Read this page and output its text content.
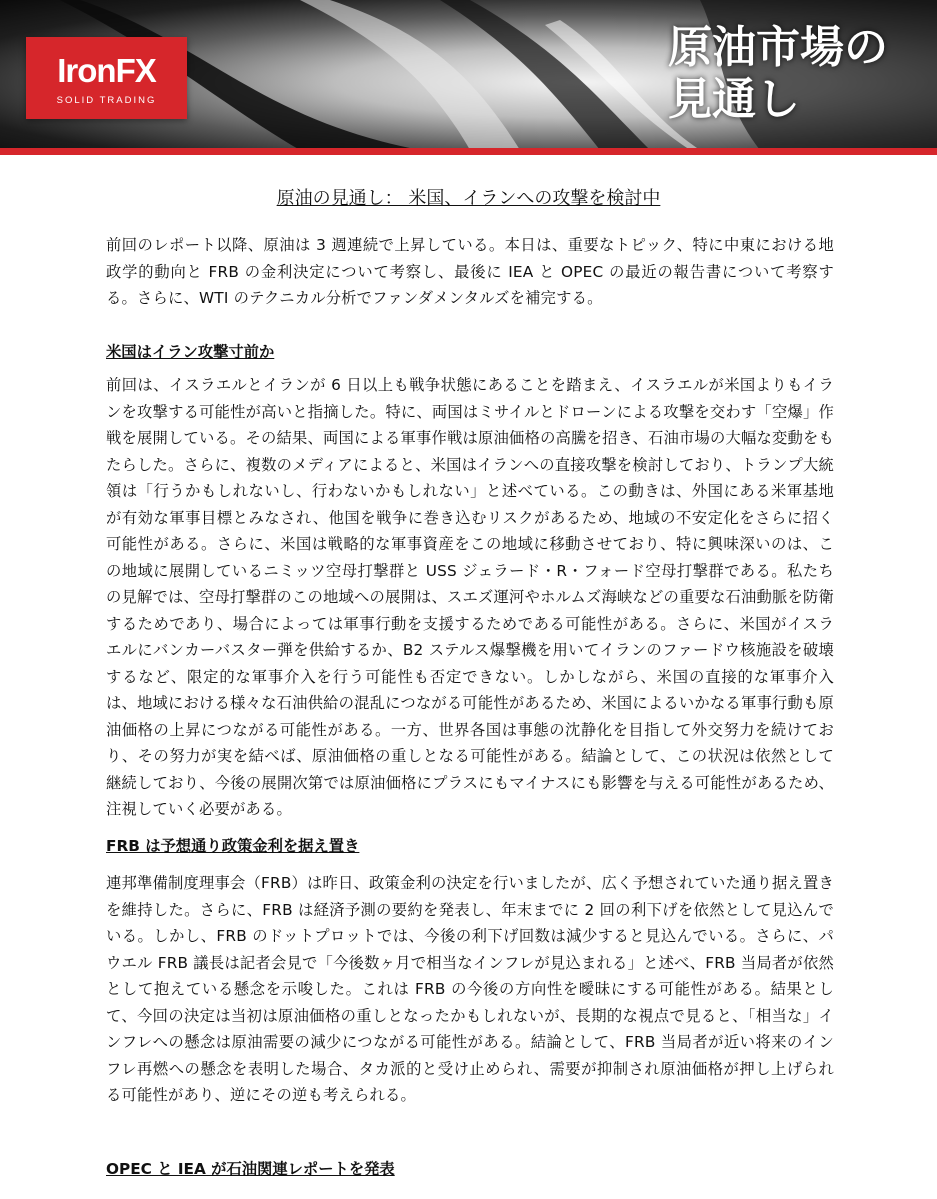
IronFX
SOLID TRADING
原油市場の
見通し
原油の見通し： 米国、イランへの攻撃を検討中

前回のレポート以降、原油は 3 週連続で上昇している。本日は、重要なトピック、特に中東における地政学的動向と FRB の金利決定について考察し、最後に IEA と OPEC の最近の報告書について考察する。さらに、WTI のテクニカル分析でファンダメンタルズを補完する。

米国はイラン攻撃寸前か

前回は、イスラエルとイランが 6 日以上も戦争状態にあることを踏まえ、イスラエルが米国よりもイランを攻撃する可能性が高いと指摘した。特に、両国はミサイルとドローンによる攻撃を交わす「空爆」作戦を展開している。その結果、両国による軍事作戦は原油価格の高騰を招き、石油市場の大幅な変動をもたらした。さらに、複数のメディアによると、米国はイランへの直接攻撃を検討しており、トランプ大統領は「行うかもしれないし、行わないかもしれない」と述べている。この動きは、外国にある米軍基地が有効な軍事目標とみなされ、他国を戦争に巻き込むリスクがあるため、地域の不安定化をさらに招く可能性がある。さらに、米国は戦略的な軍事資産をこの地域に移動させており、特に興味深いのは、この地域に展開しているニミッツ空母打撃群と USS ジェラード・R・フォード空母打撃群である。私たちの見解では、空母打撃群のこの地域への展開は、スエズ運河やホルムズ海峡などの重要な石油動脈を防衛するためであり、場合によっては軍事行動を支援するためである可能性がある。さらに、米国がイスラエルにバンカーバスター弾を供給するか、B2 ステルス爆撃機を用いてイランのファードウ核施設を破壊するなど、限定的な軍事介入を行う可能性も否定できない。しかしながら、米国の直接的な軍事介入は、地域における様々な石油供給の混乱につながる可能性があるため、米国によるいかなる軍事行動も原油価格の上昇につながる可能性がある。一方、世界各国は事態の沈静化を目指して外交努力を続けており、その努力が実を結べば、原油価格の重しとなる可能性がある。結論として、この状況は依然として継続しており、今後の展開次第では原油価格にプラスにもマイナスにも影響を与える可能性があるため、注視していく必要がある。

FRB は予想通り政策金利を据え置き

連邦準備制度理事会（FRB）は昨日、政策金利の決定を行いましたが、広く予想されていた通り据え置きを維持した。さらに、FRB は経済予測の要約を発表し、年末までに 2 回の利下げを依然として見込んでいる。しかし、FRB のドットプロットでは、今後の利下げ回数は減少すると見込んでいる。さらに、パウエル FRB 議長は記者会見で「今後数ヶ月で相当なインフレが見込まれる」と述べ、FRB 当局者が依然として抱えている懸念を示唆した。これは FRB の今後の方向性を曖昧にする可能性がある。結果として、今回の決定は当初は原油価格の重しとなったかもしれないが、長期的な視点で見ると、「相当な」インフレへの懸念は原油需要の減少につながる可能性がある。結論として、FRB 当局者が近い将来のインフレ再燃への懸念を表明した場合、タカ派的と受け止められ、需要が抑制され原油価格が押し上げられる可能性があり、逆にその逆も考えられる。

OPEC と IEA が石油関連レポートを発表
